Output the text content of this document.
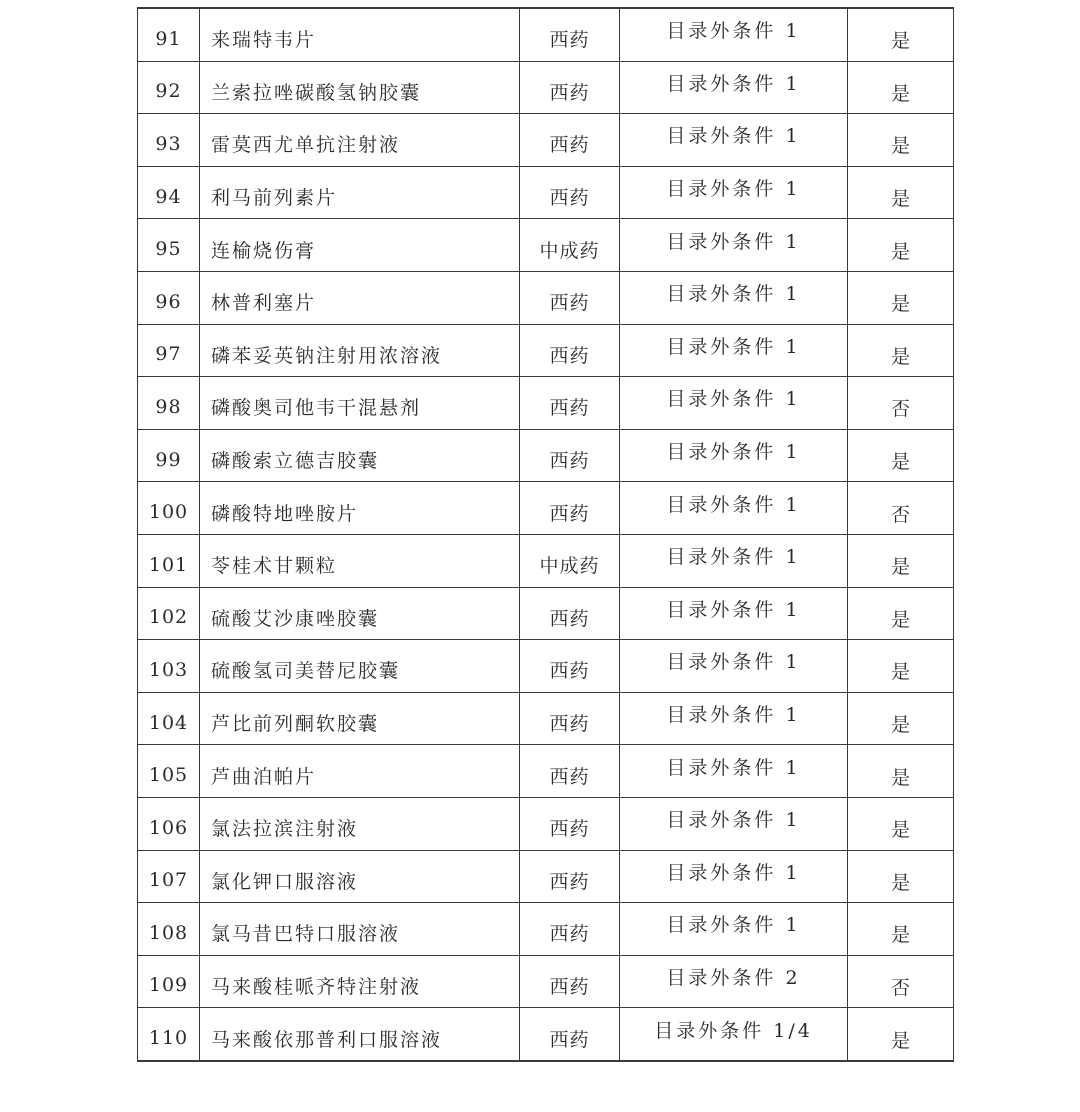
91	来瑞特韦片	西药	目录外条件 1	是
92	兰索拉唑碳酸氢钠胶囊	西药	目录外条件 1	是
93	雷莫西尤单抗注射液	西药	目录外条件 1	是
94	利马前列素片	西药	目录外条件 1	是
95	连榆烧伤膏	中成药	目录外条件 1	是
96	林普利塞片	西药	目录外条件 1	是
97	磷苯妥英钠注射用浓溶液	西药	目录外条件 1	是
98	磷酸奥司他韦干混悬剂	西药	目录外条件 1	否
99	磷酸索立德吉胶囊	西药	目录外条件 1	是
100	磷酸特地唑胺片	西药	目录外条件 1	否
101	苓桂术甘颗粒	中成药	目录外条件 1	是
102	硫酸艾沙康唑胶囊	西药	目录外条件 1	是
103	硫酸氢司美替尼胶囊	西药	目录外条件 1	是
104	芦比前列酮软胶囊	西药	目录外条件 1	是
105	芦曲泊帕片	西药	目录外条件 1	是
106	氯法拉滨注射液	西药	目录外条件 1	是
107	氯化钾口服溶液	西药	目录外条件 1	是
108	氯马昔巴特口服溶液	西药	目录外条件 1	是
109	马来酸桂哌齐特注射液	西药	目录外条件 2	否
110	马来酸依那普利口服溶液	西药	目录外条件 1/4	是
